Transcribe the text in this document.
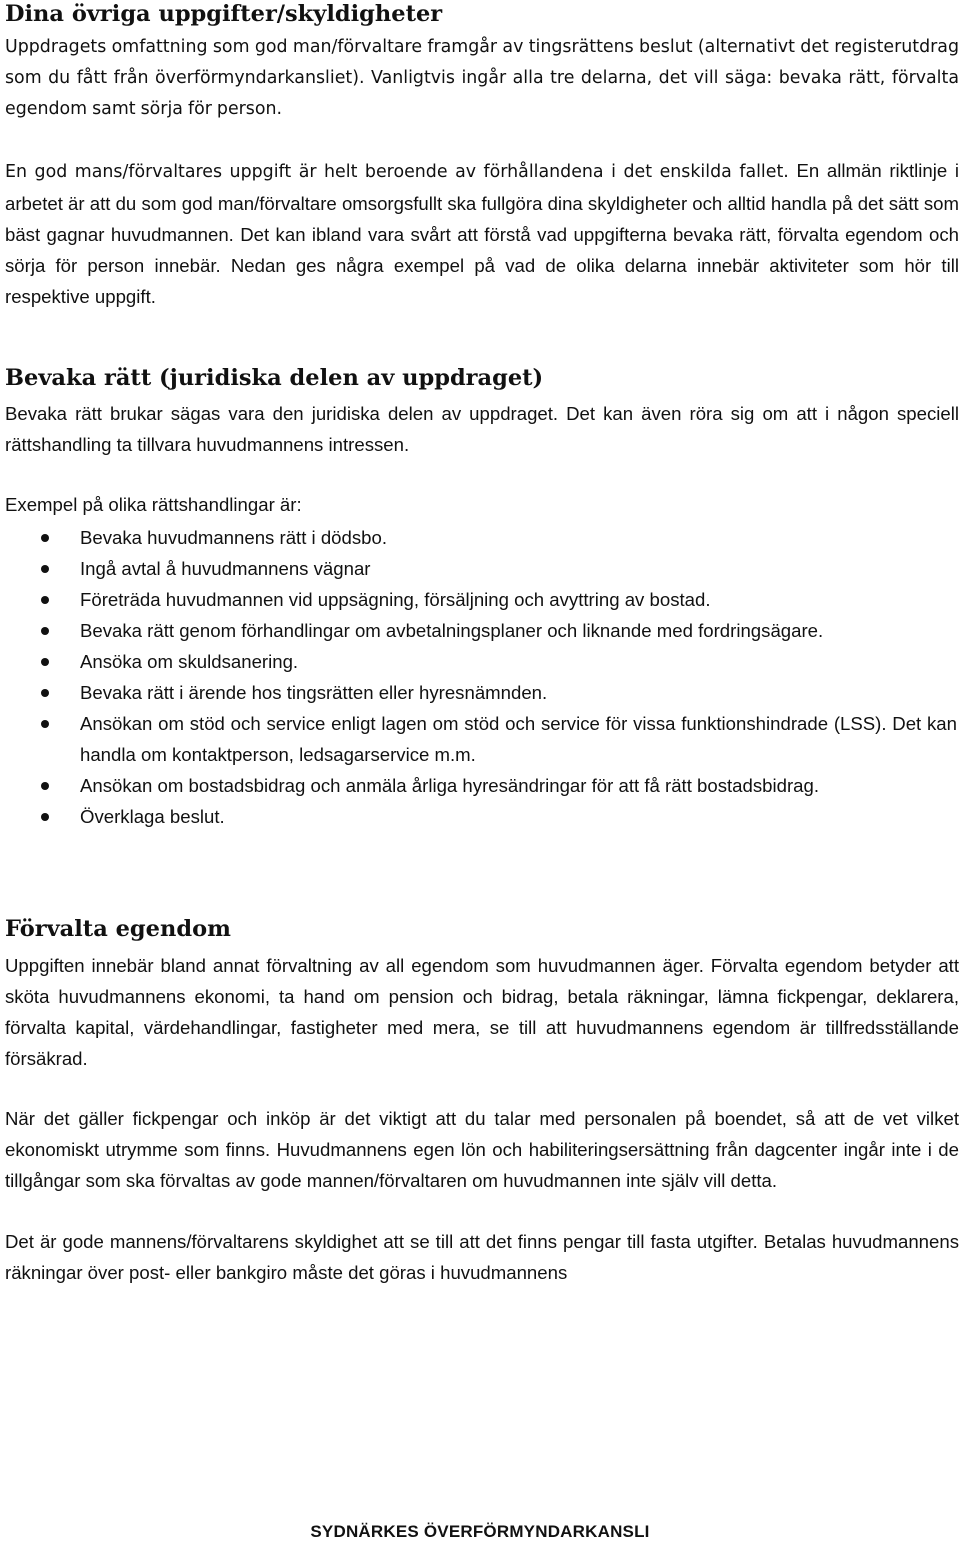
Dina övriga uppgifter/skyldigheter

Uppdragets omfattning som god man/förvaltare framgår av tingsrättens beslut (alternativt det registerutdrag som du fått från överförmyndarkansliet). Vanligtvis ingår alla tre delarna, det vill säga: bevaka rätt, förvalta egendom samt sörja för person.

En god mans/förvaltares uppgift är helt beroende av förhållandena i det enskilda fallet. En allmän riktlinje i arbetet är att du som god man/förvaltare omsorgsfullt ska fullgöra dina skyldigheter och alltid handla på det sätt som bäst gagnar huvudmannen. Det kan ibland vara svårt att förstå vad uppgifterna bevaka rätt, förvalta egendom och sörja för person innebär. Nedan ges några exempel på vad de olika delarna innebär aktiviteter som hör till respektive uppgift.

Bevaka rätt (juridiska delen av uppdraget)

Bevaka rätt brukar sägas vara den juridiska delen av uppdraget. Det kan även röra sig om att i någon speciell rättshandling ta tillvara huvudmannens intressen.

Exempel på olika rättshandlingar är:

Bevaka huvudmannens rätt i dödsbo.
Ingå avtal å huvudmannens vägnar
Företräda huvudmannen vid uppsägning, försäljning och avyttring av bostad.
Bevaka rätt genom förhandlingar om avbetalningsplaner och liknande med fordringsägare.
Ansöka om skuldsanering.
Bevaka rätt i ärende hos tingsrätten eller hyresnämnden.
Ansökan om stöd och service enligt lagen om stöd och service för vissa funktionshindrade (LSS). Det kan handla om kontaktperson, ledsagarservice m.m.
Ansökan om bostadsbidrag och anmäla årliga hyresändringar för att få rätt bostadsbidrag.
Överklaga beslut.
Förvalta egendom

Uppgiften innebär bland annat förvaltning av all egendom som huvudmannen äger. Förvalta egendom betyder att sköta huvudmannens ekonomi, ta hand om pension och bidrag, betala räkningar, lämna fickpengar, deklarera, förvalta kapital, värdehandlingar, fastigheter med mera, se till att huvudmannens egendom är tillfredsställande försäkrad.

När det gäller fickpengar och inköp är det viktigt att du talar med personalen på boendet, så att de vet vilket ekonomiskt utrymme som finns. Huvudmannens egen lön och habiliteringsersättning från dagcenter ingår inte i de tillgångar som ska förvaltas av gode mannen/förvaltaren om huvudmannen inte själv vill detta.

Det är gode mannens/förvaltarens skyldighet att se till att det finns pengar till fasta utgifter. Betalas huvudmannens räkningar över post- eller bankgiro måste det göras i huvudmannens

SYDNÄRKES ÖVERFÖRMYNDARKANSLI
